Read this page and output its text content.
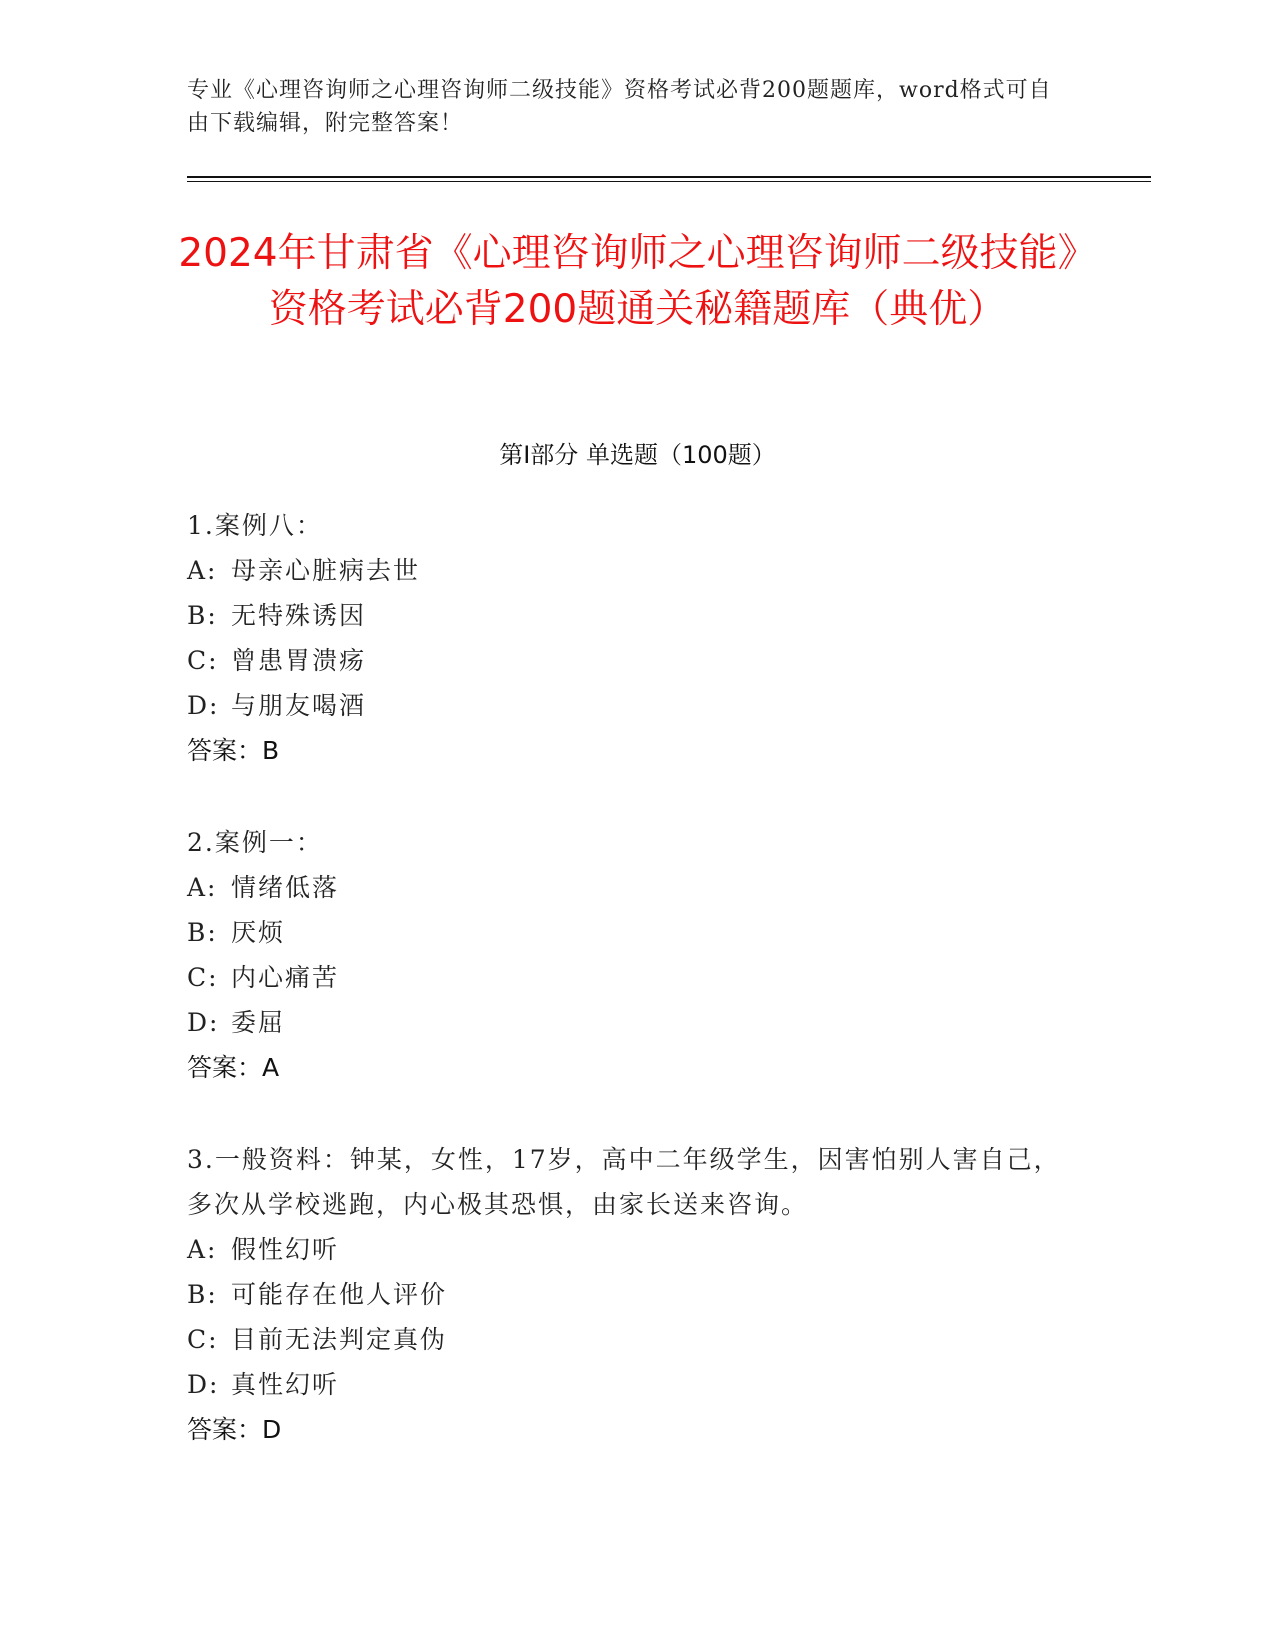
专业《心理咨询师之心理咨询师二级技能》资格考试必背200题题库，word格式可自由下载编辑，附完整答案！
2024年甘肃省《心理咨询师之心理咨询师二级技能》资格考试必背200题通关秘籍题库（典优）
第I部分 单选题（100题）
1.案例八：
A: 母亲心脏病去世
B: 无特殊诱因
C: 曾患胃溃疡
D: 与朋友喝酒
答案：B
2.案例一：
A: 情绪低落
B: 厌烦
C: 内心痛苦
D: 委屈
答案：A
3.一般资料：钟某，女性，17岁，高中二年级学生，因害怕别人害自己，多次从学校逃跑，内心极其恐惧，由家长送来咨询。
A: 假性幻听
B: 可能存在他人评价
C: 目前无法判定真伪
D: 真性幻听
答案：D
